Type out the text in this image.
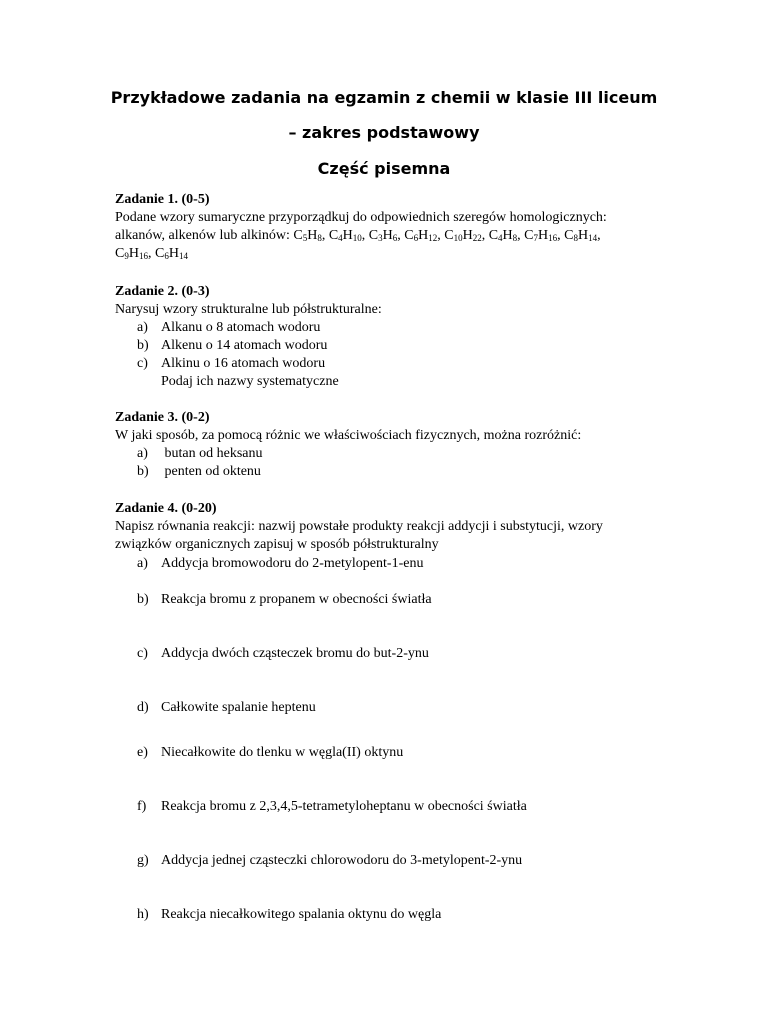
Przykładowe zadania na egzamin z chemii w klasie III liceum
– zakres podstawowy
Część pisemna
Zadanie 1. (0-5)
Podane wzory sumaryczne przyporządkuj do odpowiednich szeregów homologicznych:
alkanów, alkenów lub alkinów: $C_5H_8$, $C_4H_{10}$, $C_3H_6$, $C_6H_{12}$, $C_{10}H_{22}$, $C_4H_8$, $C_7H_{16}$, $C_8H_{14}$,
$C_9H_{16}$, $C_6H_{14}$
Zadanie 2. (0-3)
Narysuj wzory strukturalne lub półstrukturalne:
a) Alkanu o 8 atomach wodoru
b) Alkenu o 14 atomach wodoru
c) Alkinu o 16 atomach wodoru
Podaj ich nazwy systematyczne
Zadanie 3. (0-2)
W jaki sposób, za pomocą różnic we właściwościach fizycznych, można rozróżnić:
a) butan od heksanu
b) penten od oktenu
Zadanie 4. (0-20)
Napisz równania reakcji: nazwij powstałe produkty reakcji addycji i substytucji, wzory
związków organicznych zapisuj w sposób półstrukturalny
a) Addycja bromowodoru do 2-metylopent-1-enu
b) Reakcja bromu z propanem w obecności światła
c) Addycja dwóch cząsteczek bromu do but-2-ynu
d) Całkowite spalanie heptenu
e) Niecałkowite do tlenku w węgla(II) oktynu
f) Reakcja bromu z 2,3,4,5-tetrametyloheptanu w obecności światła
g) Addycja jednej cząsteczki chlorowodoru do 3-metylopent-2-ynu
h) Reakcja niecałkowitego spalania oktynu do węgla
